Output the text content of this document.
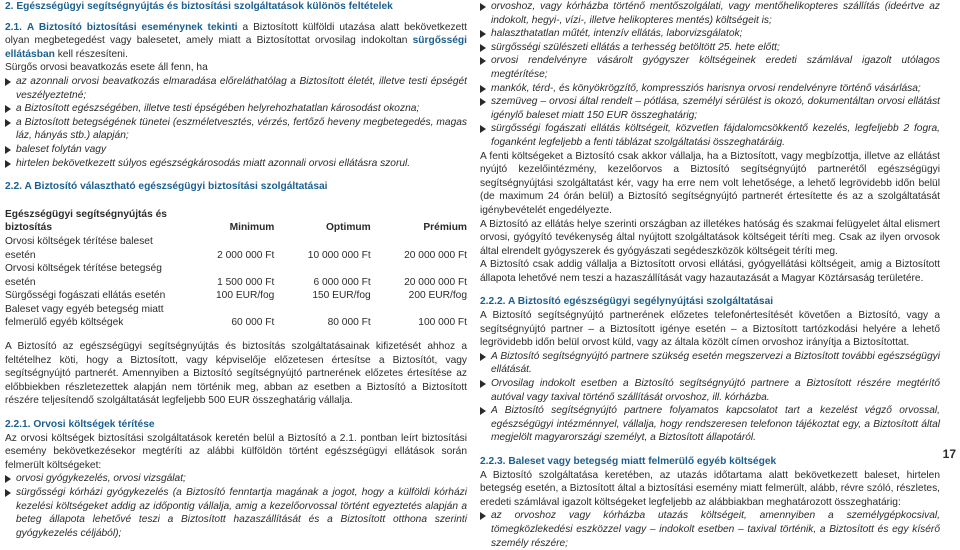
2. Egészségügyi segítségnyújtás és biztosítási szolgáltatások különös feltételek

2.1. A Biztosító biztosítási eseménynek tekinti a Biztosított külföldi utazása alatt bekövetkezett olyan megbetegedést vagy balesetet, amely miatt a Biztosítottat orvosilag indokoltan sürgősségi ellátásban kell részesíteni.

Sürgős orvosi beavatkozás esete áll fenn, ha

az azonnali orvosi beavatkozás elmaradása előreláthatólag a Biztosított életét, illetve testi épségét veszélyeztetné;
a Biztosított egészségében, illetve testi épségében helyrehozhatatlan károsodást okozna;
a Biztosított betegségének tünetei (eszméletvesztés, vérzés, fertőző heveny megbetegedés, magas láz, hányás stb.) alapján;
baleset folytán vagy
hirtelen bekövetkezett súlyos egészségkárosodás miatt azonnali orvosi ellátásra szorul.

2.2. A Biztosító választható egészségügyi biztosítási szolgáltatásai

Egészségügyi segítségnyújtás és biztosítás	Minimum	Optimum	Prémium
Orvosi költségek térítése baleset esetén	2 000 000 Ft	10 000 000 Ft	20 000 000 Ft
Orvosi költségek térítése betegség esetén	1 500 000 Ft	6 000 000 Ft	20 000 000 Ft
Sürgősségi fogászati ellátás esetén	100 EUR/fog	150 EUR/fog	200 EUR/fog
Baleset vagy egyéb betegség miatt felmerülő egyéb költségek	60 000 Ft	80 000 Ft	100 000 Ft

A Biztosító az egészségügyi segítségnyújtás és biztosítás szolgáltatásainak kifizetését ahhoz a feltételhez köti, hogy a Biztosított, vagy képviselője előzetesen értesítse a Biztosítót, vagy segítségnyújtó partnerét. Amennyiben a Biztosító segítségnyújtó partnerének előzetes értesítése az előbbiekben részletezettek alapján nem történik meg, abban az esetben a Biztosító a Biztosított részére teljesítendő szolgáltatását legfeljebb 500 EUR összeghatárig vállalja.

2.2.1. Orvosi költségek térítése

Az orvosi költségek biztosítási szolgáltatások keretén belül a Biztosító a 2.1. pontban leírt biztosítási esemény bekövetkezésekor megtéríti az alábbi külföldön történt egészségügyi ellátások során felmerült költségeket:

orvosi gyógykezelés, orvosi vizsgálat;
sürgősségi kórházi gyógykezelés (a Biztosító fenntartja magának a jogot, hogy a külföldi kórházi kezelési költségeket addig az időpontig vállalja, amig a kezelőorvossal történt egyeztetés alapján a beteg állapota lehetővé teszi a Biztosított hazaszállítását és a Biztosított otthona szerinti gyógykezelés céljából);
orvoshoz, vagy kórházba történő mentőszolgálati, vagy mentőhelikopteres szállítás (ideértve az indokolt, hegyi-, vízi-, illetve helikopteres mentés) költségeit is;
halaszthatatlan műtét, intenzív ellátás, laborvizsgálatok;
sürgősségi szülészeti ellátás a terhesség betöltött 25. hete előtt;
orvosi rendelvényre vásárolt gyógyszer költségeinek eredeti számlával igazolt utólagos megtérítése;
mankók, térd-, és könyökrögzítő, kompressziós harisnya orvosi rendelvényre történő vásárlása;
szemüveg – orvosi által rendelt – pótlása, személyi sérülést is okozó, dokumentáltan orvosi ellátást igénylő baleset miatt 150 EUR összeghatárig;
sürgősségi fogászati ellátás költségeit, közvetlen fájdalomcsökkentő kezelés, legfeljebb 2 fogra, foganként legfeljebb a fenti táblázat szolgáltatási összeghatáráig.

A fenti költségeket a Biztosító csak akkor vállalja, ha a Biztosított, vagy megbízottja, illetve az ellátást nyújtó kezelőintézmény, kezelőorvos a Biztosító segítségnyújtó partnerétől egészségügyi segítségnyújtási szolgáltatást kér, vagy ha erre nem volt lehetősége, a lehető legrövidebb időn belül (de maximum 24 órán belül) a Biztosító segítségnyújtó partnerét értesítette és az a szolgáltatását igénybevételét engedélyezte.

A Biztosító az ellátás helye szerinti országban az illetékes hatóság és szakmai felügyelet által elismert orvosi, gyógyító tevékenység által nyújtott szolgáltatások költségeit téríti meg. Csak az ilyen orvosok által elrendelt gyógyszerek és gyógyászati segédeszközök költségeit téríti meg.

A Biztosító csak addig vállalja a Biztosított orvosi ellátási, gyógyellátási költségeit, amig a Biztosított állapota lehetővé nem teszi a hazaszállítását vagy hazautazását a Magyar Köztársaság területére.

2.2.2. A Biztosító egészségügyi segélynyújtási szolgáltatásai

A Biztosító segítségnyújtó partnerének előzetes telefonértesítését követően a Biztosító, vagy a segítségnyújtó partner – a Biztosított igénye esetén – a Biztosított tartózkodási helyére a lehető legrövidebb időn belül orvost küld, vagy az általa közölt címen orvoshoz irányítja a Biztosítottat.

A Biztosító segítségnyújtó partnere szükség esetén megszervezi a Biztosított további egészségügyi ellátását.
Orvosilag indokolt esetben a Biztosító segítségnyújtó partnere a Biztosított részére megtérítő autóval vagy taxival történő szállítását orvoshoz, ill. kórházba.
A Biztosító segítségnyújtó partnere folyamatos kapcsolatot tart a kezelést végző orvossal, egészségügyi intézménnyel, vállalja, hogy rendszeresen telefonon tájékoztat egy, a Biztosított által megjelölt magyarországi személyt, a Biztosított állapotáról.

2.2.3. Baleset vagy betegség miatt felmerülő egyéb költségek

A Biztosító szolgáltatása keretében, az utazás időtartama alatt bekövetkezett baleset, hirtelen betegség esetén, a Biztosított által a biztosítási esemény miatt felmerült, alább, révre szóló, részletes, eredeti számlával igazolt költségeket legfeljebb az alábbiakban meghatározott összeghatárig:

az orvoshoz vagy kórházba utazás költségeit, amennyiben a személygépkocsival, tömegközlekedési eszközzel vagy – indokolt esetben – taxival történik, a Biztosított és egy kísérő személy részére;
17
